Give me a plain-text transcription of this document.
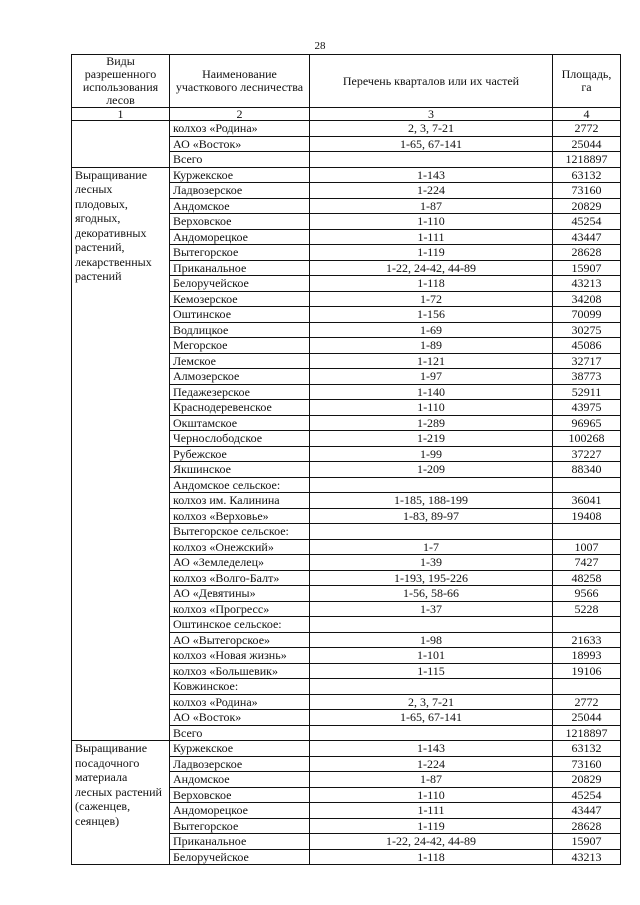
28
Виды разрешенного использования лесов	Наименование участкового лесничества	Перечень кварталов или их частей	Площадь, га
1	2	3	4
	колхоз «Родина»	2, 3, 7-21	2772
	АО «Восток»	1-65, 67-141	25044
	Всего		1218897
Выращивание лесных плодовых, ягодных, декоративных растений, лекарственных растений	Куржекское	1-143	63132
	Ладвозерское	1-224	73160
	Андомское	1-87	20829
	Верховское	1-110	45254
	Андоморецкое	1-111	43447
	Вытегорское	1-119	28628
	Приканальное	1-22, 24-42, 44-89	15907
	Белоручейское	1-118	43213
	Кемозерское	1-72	34208
	Оштинское	1-156	70099
	Водлицкое	1-69	30275
	Мегорское	1-89	45086
	Лемское	1-121	32717
	Алмозерское	1-97	38773
	Педажезерское	1-140	52911
	Краснодеревенское	1-110	43975
	Окштамское	1-289	96965
	Чернослободское	1-219	100268
	Рубежское	1-99	37227
	Якшинское	1-209	88340
	Андомское сельское:		
	колхоз им. Калинина	1-185, 188-199	36041
	колхоз «Верховье»	1-83, 89-97	19408
	Вытегорское сельское:		
	колхоз «Онежский»	1-7	1007
	АО «Земледелец»	1-39	7427
	колхоз «Волго-Балт»	1-193, 195-226	48258
	АО «Девятины»	1-56, 58-66	9566
	колхоз «Прогресс»	1-37	5228
	Оштинское сельское:		
	АО «Вытегорское»	1-98	21633
	колхоз «Новая жизнь»	1-101	18993
	колхоз «Большевик»	1-115	19106
	Ковжинское:		
	колхоз «Родина»	2, 3, 7-21	2772
	АО «Восток»	1-65, 67-141	25044
	Всего		1218897
Выращивание посадочного материала лесных растений (саженцев, сеянцев)	Куржекское	1-143	63132
	Ладвозерское	1-224	73160
	Андомское	1-87	20829
	Верховское	1-110	45254
	Андоморецкое	1-111	43447
	Вытегорское	1-119	28628
	Приканальное	1-22, 24-42, 44-89	15907
	Белоручейское	1-118	43213
